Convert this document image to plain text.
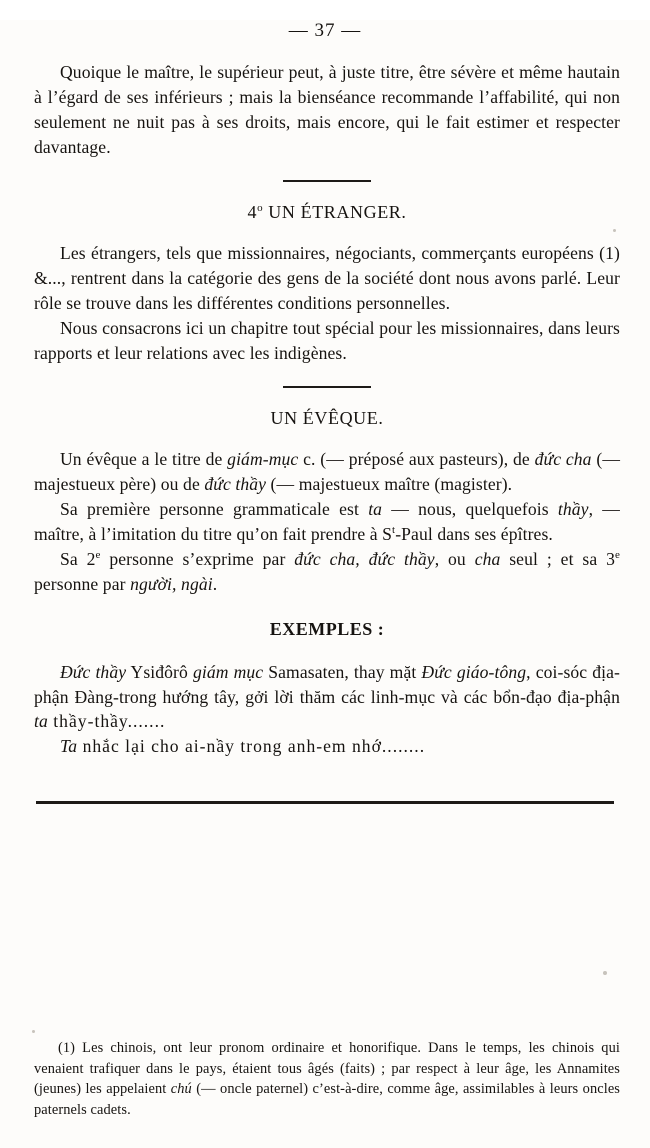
— 37 —

Quoique le maître, le supérieur peut, à juste titre, être sévère et même hautain à l’égard de ses inférieurs ; mais la bienséance recommande l’affabilité, qui non seulement ne nuit pas à ses droits, mais encore, qui le fait estimer et respecter davantage.

4$^o$ UN ÉTRANGER.

Les étrangers, tels que missionnaires, négociants, commerçants européens (1) &..., rentrent dans la catégorie des gens de la société dont nous avons parlé. Leur rôle se trouve dans les différentes conditions personnelles.

Nous consacrons ici un chapitre tout spécial pour les missionnaires, dans leurs rapports et leur relations avec les indigènes.

UN ÉVÊQUE.

Un évêque a le titre de giám-mục c. (— préposé aux pasteurs), de đức cha (— majestueux père) ou de đức thầy (— majestueux maître (magister).

Sa première personne grammaticale est ta — nous, quelquefois thầy, — maître, à l’imitation du titre qu’on fait prendre à $S^t$-Paul dans ses épîtres.

Sa 2e personne s’exprime par đức cha, đức thầy, ou cha seul ; et sa 3e personne par người, ngài.

EXEMPLES :

Đức thầy Ysiđôrô giám mục Samasaten, thay mặt Đức giáo-tông, coi-sóc địa-phận Đàng-trong hướng tây, gởi lời thăm các linh-mục và các bổn-đạo địa-phận ta thầy-thầy.......

Ta nhắc lại cho ai-nầy trong anh-em nhớ........

(1) Les chinois, ont leur pronom ordinaire et honorifique. Dans le temps, les chinois qui venaient trafiquer dans le pays, étaient tous âgés (faits) ; par respect à leur âge, les Annamites (jeunes) les appelaient chú (— oncle paternel) c’est-à-dire, comme âge, assimilables à leurs oncles paternels cadets.
